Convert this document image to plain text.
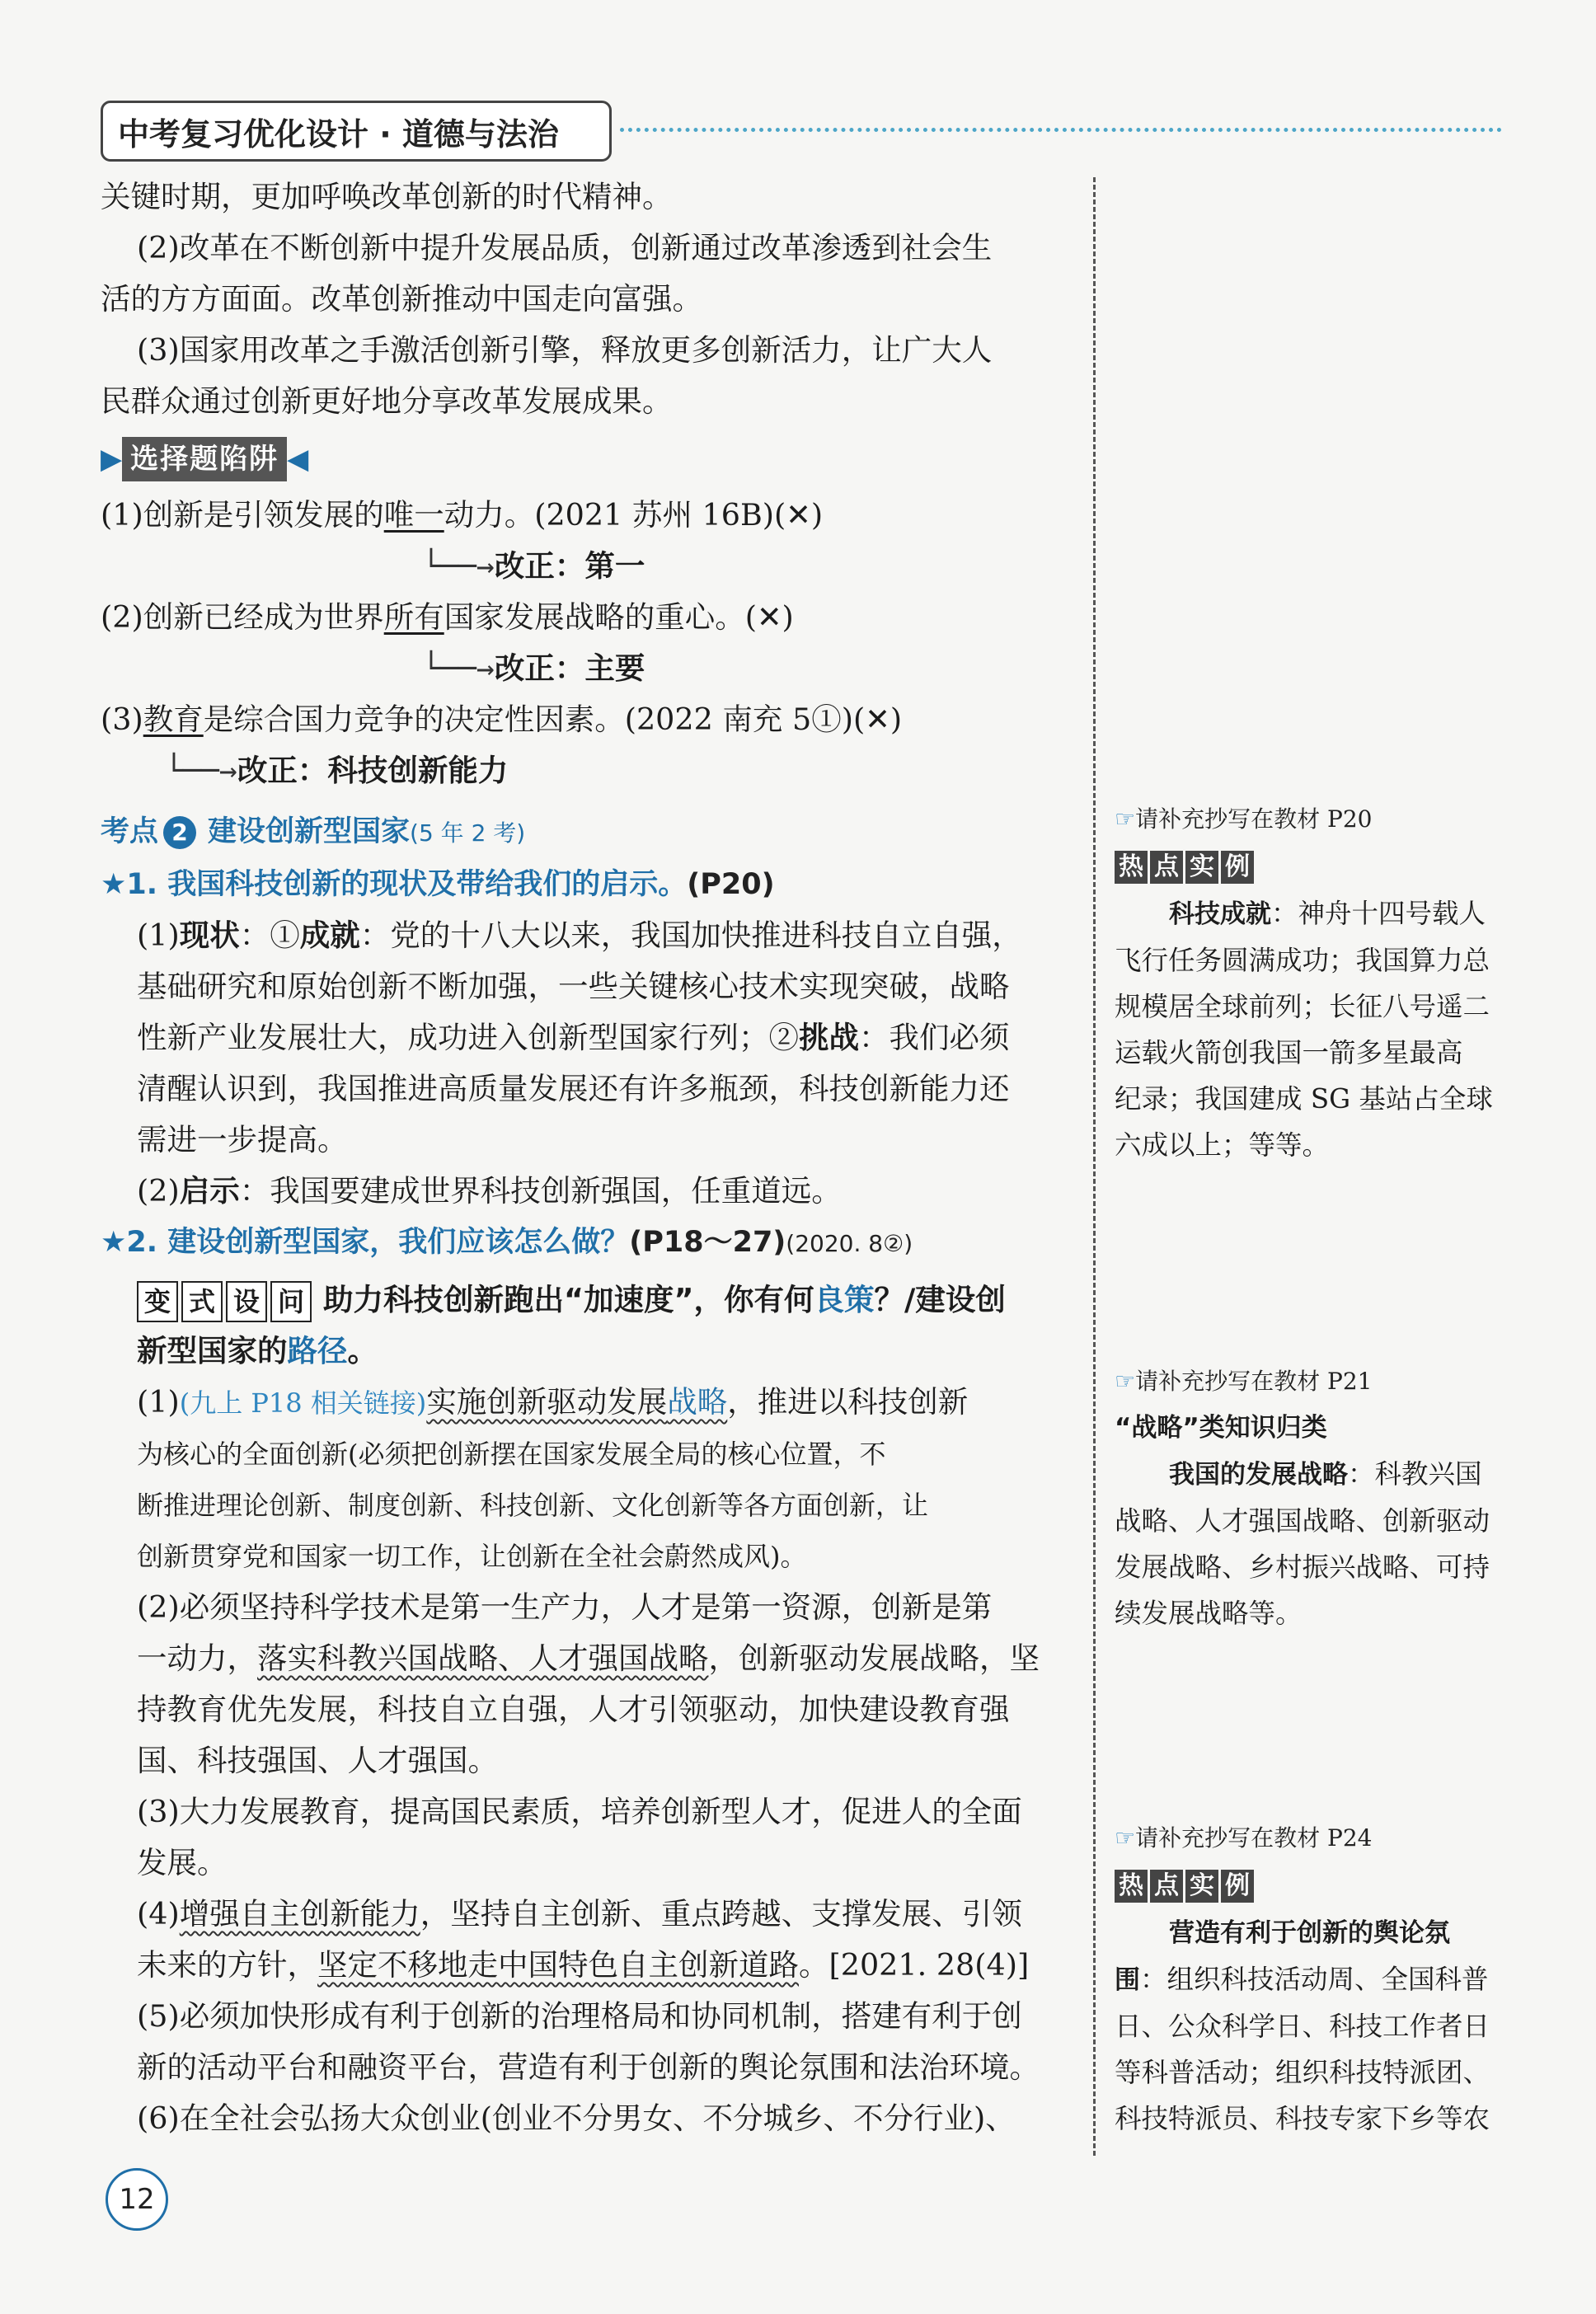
中考复习优化设计 · 道德与法治

关键时期，更加呼唤改革创新的时代精神。

(2)改革在不断创新中提升发展品质，创新通过改革渗透到社会生

活的方方面面。改革创新推动中国走向富强。

(3)国家用改革之手激活创新引擎，释放更多创新活力，让广大人

民群众通过创新更好地分享改革发展成果。

▶ 选择题陷阱 ◀

(1)创新是引领发展的唯一动力。(2021 苏州 16B)(✕)

└──→改正：第一

(2)创新已经成为世界所有国家发展战略的重心。(✕)

└──→改正：主要

(3)教育是综合国力竞争的决定性因素。(2022 南充 5①)(✕)

└──→改正：科技创新能力

考点 2 建设创新型国家(5 年 2 考)

★1. 我国科技创新的现状及带给我们的启示。(P20)

(1)现状：①成就：党的十八大以来，我国加快推进科技自立自强，

基础研究和原始创新不断加强，一些关键核心技术实现突破，战略

性新产业发展壮大，成功进入创新型国家行列；②挑战：我们必须

清醒认识到，我国推进高质量发展还有许多瓶颈，科技创新能力还

需进一步提高。

(2)启示：我国要建成世界科技创新强国，任重道远。

★2. 建设创新型国家，我们应该怎么做？(P18～27)(2020. 8②)

变 式 设 问 助力科技创新跑出“加速度”，你有何良策？/建设创

新型国家的路径。

(1)(九上 P18 相关链接)实施创新驱动发展战略，推进以科技创新

为核心的全面创新(必须把创新摆在国家发展全局的核心位置，不

断推进理论创新、制度创新、科技创新、文化创新等各方面创新，让

创新贯穿党和国家一切工作，让创新在全社会蔚然成风)。

(2)必须坚持科学技术是第一生产力，人才是第一资源，创新是第

一动力，落实科教兴国战略、人才强国战略，创新驱动发展战略，坚

持教育优先发展，科技自立自强，人才引领驱动，加快建设教育强

国、科技强国、人才强国。

(3)大力发展教育，提高国民素质，培养创新型人才，促进人的全面

发展。

(4)增强自主创新能力，坚持自主创新、重点跨越、支撑发展、引领

未来的方针，坚定不移地走中国特色自主创新道路。[2021. 28(4)]

(5)必须加快形成有利于创新的治理格局和协同机制，搭建有利于创

新的活动平台和融资平台，营造有利于创新的舆论氛围和法治环境。

(6)在全社会弘扬大众创业(创业不分男女、不分城乡、不分行业)、

☞请补充抄写在教材 P20

热 点 实 例

科技成就：神舟十四号载人

飞行任务圆满成功；我国算力总

规模居全球前列；长征八号遥二

运载火箭创我国一箭多星最高

纪录；我国建成 SG 基站占全球

六成以上；等等。

☞请补充抄写在教材 P21

“战略”类知识归类

我国的发展战略：科教兴国

战略、人才强国战略、创新驱动

发展战略、乡村振兴战略、可持

续发展战略等。

☞请补充抄写在教材 P24

热 点 实 例

营造有利于创新的舆论氛

围：组织科技活动周、全国科普

日、公众科学日、科技工作者日

等科普活动；组织科技特派团、

科技特派员、科技专家下乡等农

12
